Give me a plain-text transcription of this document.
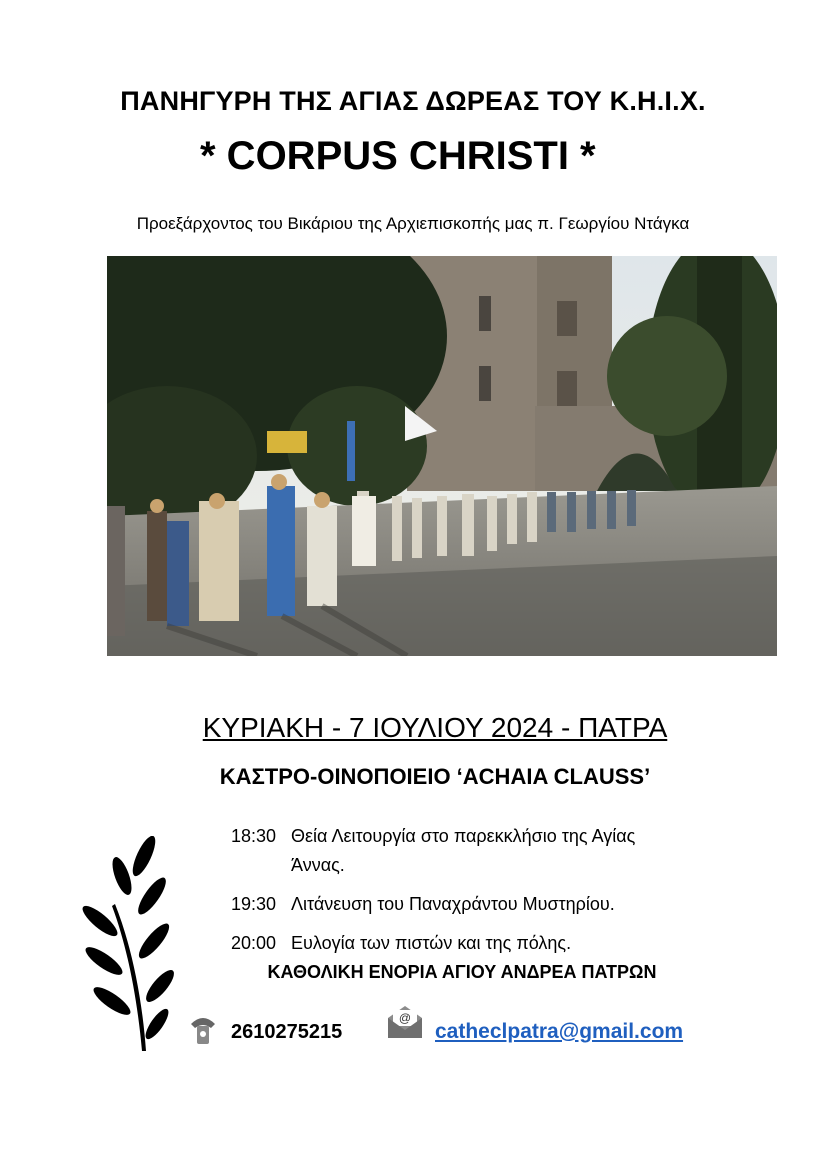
ΠΑΝΗΓΥΡΗ ΤΗΣ ΑΓΙΑΣ ΔΩΡΕΑΣ ΤΟΥ Κ.Η.Ι.Χ.
* CORPUS CHRISTI *
Προεξάρχοντος του Βικάριου της Αρχιεπισκοπής μας π. Γεωργίου Ντάγκα
ΚΥΡΙΑΚΗ - 7 ΙΟΥΛΙΟΥ 2024 - ΠΑΤΡΑ
ΚΑΣΤΡΟ-ΟΙΝΟΠΟΙΕΙΟ ‘ACHAIA CLAUSS’
18:30 Θεία Λειτουργία στο παρεκκλήσιο της Αγίας
Άννας.
19:30 Λιτάνευση του Παναχράντου Μυστηρίου.
20:00 Ευλογία των πιστών και της πόλης.
ΚΑΘΟΛΙΚΗ ΕΝΟΡΙΑ ΑΓΙΟΥ ΑΝΔΡΕΑ ΠΑΤΡΩΝ
2610275215
@
catheclpatra@gmail.com
